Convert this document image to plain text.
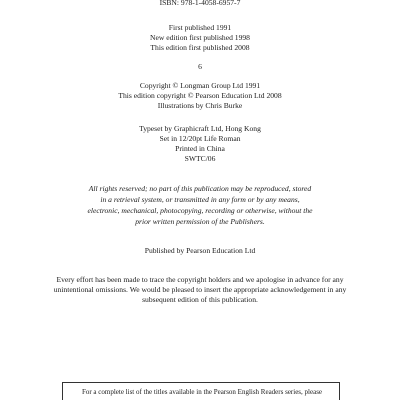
ISBN: 978-1-4058-6957-7
First published 1991
New edition first published 1998
This edition first published 2008
6
Copyright © Longman Group Ltd 1991
This edition copyright © Pearson Education Ltd 2008
Illustrations by Chris Burke
Typeset by Graphicraft Ltd, Hong Kong
Set in 12/20pt Life Roman
Printed in China
SWTC/06
All rights reserved; no part of this publication may be reproduced, stored
in a retrieval system, or transmitted in any form or by any means,
electronic, mechanical, photocopying, recording or otherwise, without the
prior written permission of the Publishers.
Published by Pearson Education Ltd
Every effort has been made to trace the copyright holders and we apologise in advance for any
unintentional omissions. We would be pleased to insert the appropriate acknowledgement in any
subsequent edition of this publication.
For a complete list of the titles available in the Pearson English Readers series, please
